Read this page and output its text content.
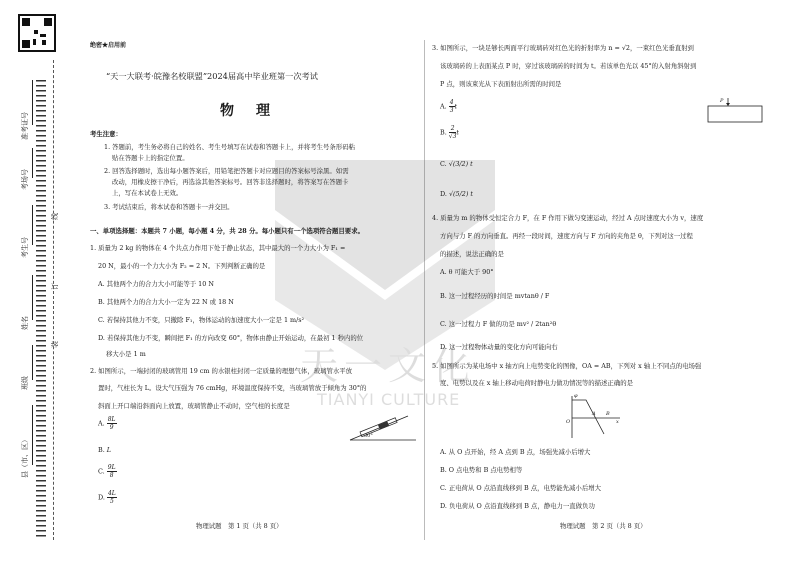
准考证号
考场号
考生号
姓名
班级
县（市、区）
线
订
装	天一文化
TIANYI CULTURE
绝密★启用前
“天一大联考·皖豫名校联盟”2024届高中毕业班第一次考试
物　理
考生注意：
1. 答题前，考生务必将自己的姓名、考生号填写在试卷和答题卡上，并将考生号条形码粘
贴在答题卡上的指定位置。
2. 回答选择题时，选出每小题答案后，用铅笔把答题卡对应题目的答案标号涂黑。如需
改动，用橡皮擦干净后，再选涂其他答案标号。回答非选择题时，将答案写在答题卡
上，写在本试卷上无效。
3. 考试结束后，将本试卷和答题卡一并交回。
一、单项选择题：本题共 7 小题，每小题 4 分，共 28 分。每小题只有一个选项符合题目要求。
1. 质量为 2 kg 的物体在 4 个共点力作用下处于静止状态，其中最大的一个力大小为 F₁ =
20 N，最小的一个力大小为 F₂ = 2 N。下列判断正确的是
A. 其他两个力的合力大小可能等于 10 N
B. 其他两个力的合力大小一定为 22 N 或 18 N
C. 若保持其他力不变，只撤除 F₁，物体运动的加速度大小一定是 1 m/s²
D. 若保持其他力不变，瞬间把 F₁ 的方向改变 60°，物体由静止开始运动，在最初 1 秒内的位
移大小是 1 m
2. 如图所示，一端封闭的玻璃管用 19 cm 的水银柱封闭一定质量的理想气体，玻璃管水平放
置时，气柱长为 L。设大气压强为 76 cmHg，环境温度保持不变，当玻璃管放于倾角为 30°的
斜面上开口端沿斜面向上放置，玻璃管静止不动时，空气柱的长度是
30°
A. $\frac{8L}{9}$
B. L
C. $\frac{9L}{8}$
D. $\frac{4L}{5}$
物理试题　第 1 页（共 8 页）
3. 如图所示，一块足够长两面平行玻璃砖对红色光的折射率为 n = √2，一束红色光垂直射到
该玻璃砖的上表面某点 P 时，穿过该玻璃砖的时间为 t。若该单色光以 45°的入射角斜射到
P 点，则该束光从下表面射出所需的时间是
P
A. $\frac{4}{3}$ t
B. $\frac{2}{√3}$ t
C. √(3/2) t
D. √(5/2) t
4. 质量为 m 的物体受恒定合力 F，在 F 作用下做匀变速运动，经过 A 点时速度大小为 v，速度
方向与力 F 的方向垂直。再经一段时间，速度方向与 F 方向的夹角是 θ，下列对这一过程
的描述，说法正确的是
A. θ 可能大于 90°
B. 这一过程经历的时间是 mvtanθ / F
C. 这一过程力 F 做的功是 mv² / 2tan²θ
D. 这一过程物体动量的变化方向可能向右
5. 如图所示为某电场中 x 轴方向上电势变化的图像，OA = AB，下列对 x 轴上不同点的电场强
度、电势以及在 x 轴上移动电荷时静电力做功情况等的描述正确的是
φ
x
O
A B
A. 从 O 点开始，经 A 点到 B 点，场强先减小后增大
B. O 点电势和 B 点电势相等
C. 正电荷从 O 点沿直线移到 B 点，电势能先减小后增大
D. 负电荷从 O 点沿直线移到 B 点，静电力一直做负功
物理试题　第 2 页（共 8 页）
